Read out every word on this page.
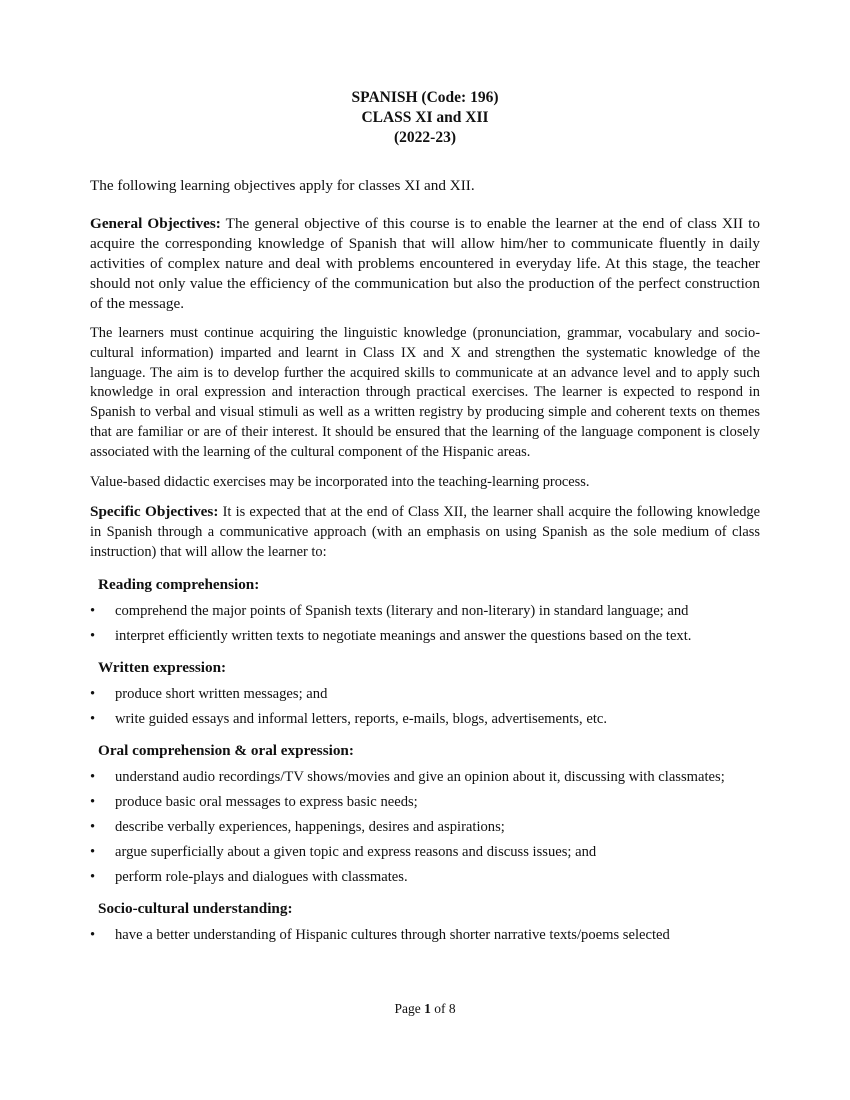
SPANISH (Code: 196)
CLASS XI and XII
(2022-23)

The following learning objectives apply for classes XI and XII.

General Objectives: The general objective of this course is to enable the learner at the end of class XII to acquire the corresponding knowledge of Spanish that will allow him/her to communicate fluently in daily activities of complex nature and deal with problems encountered in everyday life. At this stage, the teacher should not only value the efficiency of the communication but also the production of the perfect construction of the message.

The learners must continue acquiring the linguistic knowledge (pronunciation, grammar, vocabulary and socio-cultural information) imparted and learnt in Class IX and X and strengthen the systematic knowledge of the language. The aim is to develop further the acquired skills to communicate at an advance level and to apply such knowledge in oral expression and interaction through practical exercises. The learner is expected to respond in Spanish to verbal and visual stimuli as well as a written registry by producing simple and coherent texts on themes that are familiar or are of their interest. It should be ensured that the learning of the language component is closely associated with the learning of the cultural component of the Hispanic areas.

Value-based didactic exercises may be incorporated into the teaching-learning process.

Specific Objectives: It is expected that at the end of Class XII, the learner shall acquire the following knowledge in Spanish through a communicative approach (with an emphasis on using Spanish as the sole medium of class instruction) that will allow the learner to:

Reading comprehension:
• comprehend the major points of Spanish texts (literary and non-literary) in standard language; and
• interpret efficiently written texts to negotiate meanings and answer the questions based on the text.
Written expression:
• produce short written messages; and
• write guided essays and informal letters, reports, e-mails, blogs, advertisements, etc.
Oral comprehension & oral expression:
• understand audio recordings/TV shows/movies and give an opinion about it, discussing with classmates;
• produce basic oral messages to express basic needs;
• describe verbally experiences, happenings, desires and aspirations;
• argue superficially about a given topic and express reasons and discuss issues; and
• perform role-plays and dialogues with classmates.
Socio-cultural understanding:
• have a better understanding of Hispanic cultures through shorter narrative texts/poems selected
Page 1 of 8
